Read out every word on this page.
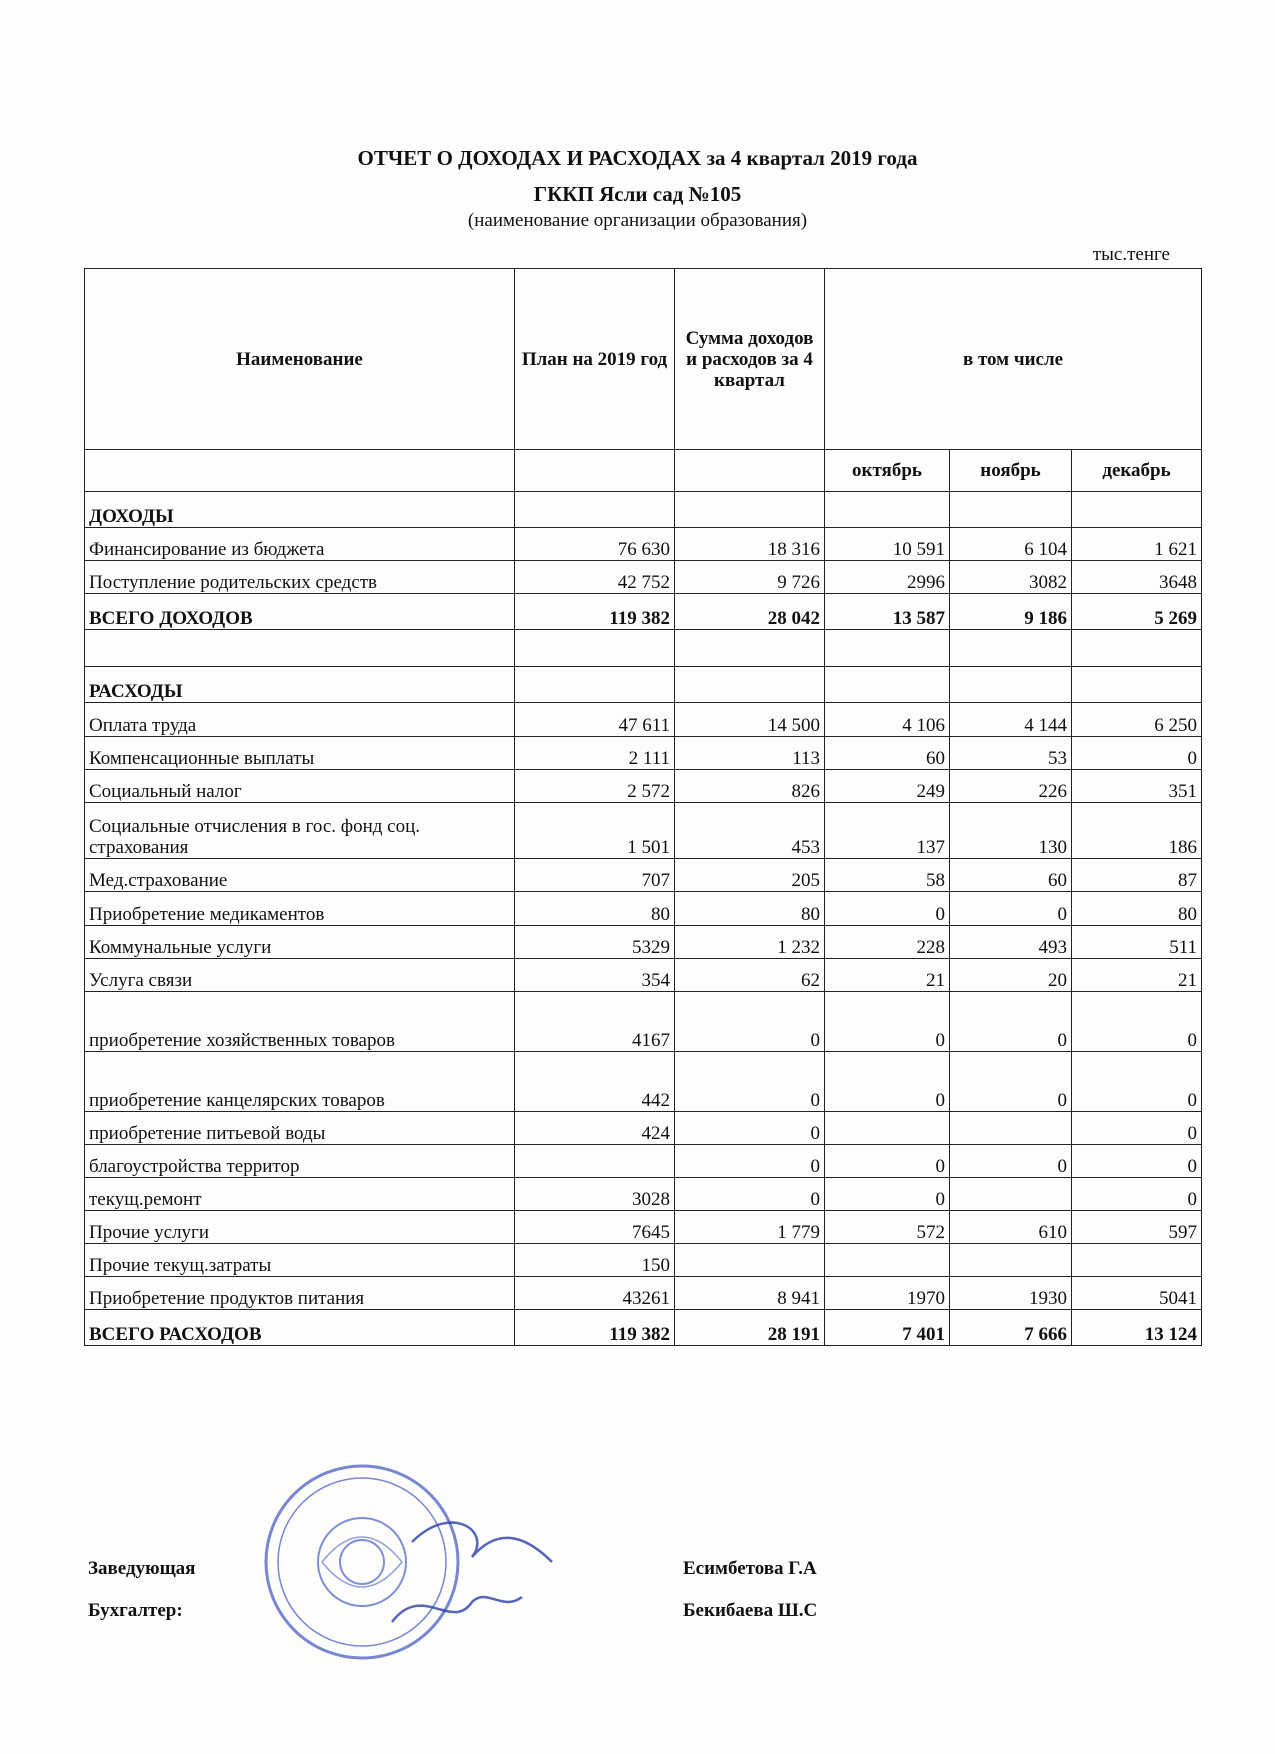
ОТЧЕТ О ДОХОДАХ И РАСХОДАХ за 4 квартал 2019 года
ГККП Ясли сад №105
(наименование организации образования)
тыс.тенге
Наименование	План на 2019 год	Сумма доходов и расходов за 4 квартал	в том числе		
			октябрь	ноябрь	декабрь
ДОХОДЫ					
Финансирование из бюджета	76 630	18 316	10 591	6 104	1 621
Поступление родительских средств	42 752	9 726	2996	3082	3648
ВСЕГО ДОХОДОВ	119 382	28 042	13 587	9 186	5 269

РАСХОДЫ					
Оплата труда	47 611	14 500	4 106	4 144	6 250
Компенсационные выплаты	2 111	113	60	53	0
Социальный налог	2 572	826	249	226	351
Социальные отчисления в гос. фонд соц. страхования	1 501	453	137	130	186
Мед.страхование	707	205	58	60	87
Приобретение медикаментов	80	80	0	0	80
Коммунальные услуги	5329	1 232	228	493	511
Услуга связи	354	62	21	20	21
приобретение хозяйственных товаров	4167	0	0	0	0
приобретение канцелярских товаров	442	0	0	0	0
приобретение питьевой воды	424	0			0
благоустройства территор		0	0	0	0
текущ.ремонт	3028	0	0		0
Прочие услуги	7645	1 779	572	610	597
Прочие текущ.затраты	150				
Приобретение продуктов питания	43261	8 941	1970	1930	5041
ВСЕГО РАСХОДОВ	119 382	28 191	7 401	7 666	13 124
Заведующая	Есимбетова Г.А
Бухгалтер:	Бекибаева Ш.С
